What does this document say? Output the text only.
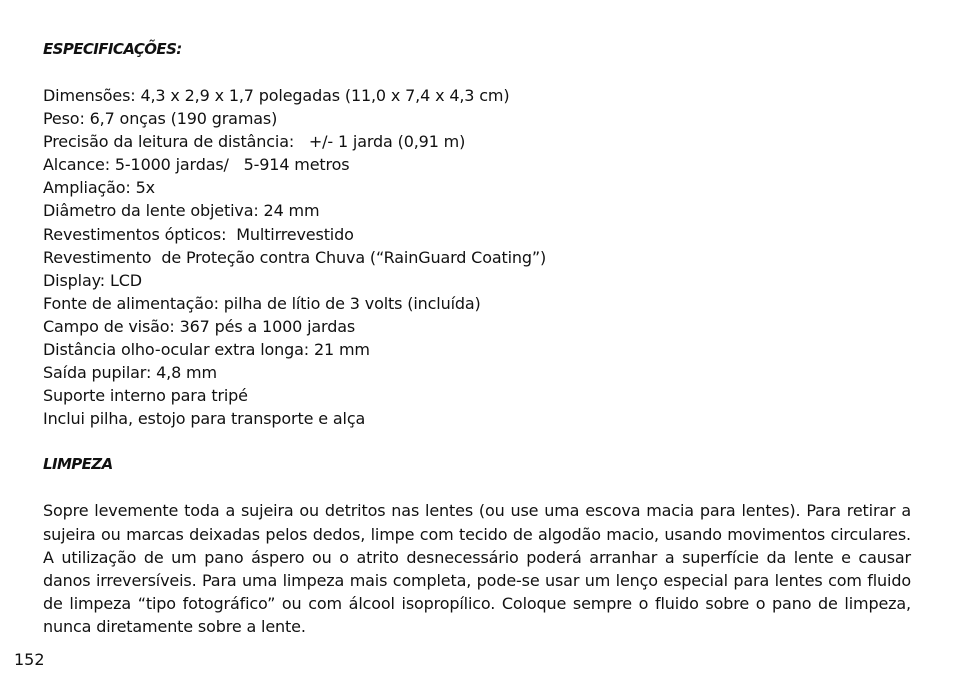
ESPECIFICAÇÕES:
Dimensões: 4,3 x 2,9 x 1,7 polegadas (11,0 x 7,4 x 4,3 cm)
Peso: 6,7 onças (190 gramas)
Precisão da leitura de distância:   +/- 1 jarda (0,91 m)
Alcance: 5-1000 jardas/   5-914 metros
Ampliação: 5x
Diâmetro da lente objetiva: 24 mm
Revestimentos ópticos:  Multirrevestido
Revestimento  de Proteção contra Chuva (“RainGuard Coating”)
Display: LCD
Fonte de alimentação: pilha de lítio de 3 volts (incluída)
Campo de visão: 367 pés a 1000 jardas
Distância olho-ocular extra longa: 21 mm
Saída pupilar: 4,8 mm
Suporte interno para tripé
Inclui pilha, estojo para transporte e alça
LIMPEZA

Sopre levemente toda a sujeira ou detritos nas lentes (ou use uma escova macia para lentes). Para retirar a sujeira ou marcas deixadas pelos dedos, limpe com tecido de algodão macio, usando movimentos circulares. A utilização de um pano áspero ou o atrito desnecessário poderá arranhar a superfície da lente e causar danos irreversíveis. Para uma limpeza mais completa, pode-se usar um lenço especial para lentes com fluido de limpeza “tipo fotográfico” ou com álcool isopropílico. Coloque sempre o fluido sobre o pano de limpeza, nunca diretamente sobre a lente.

152
